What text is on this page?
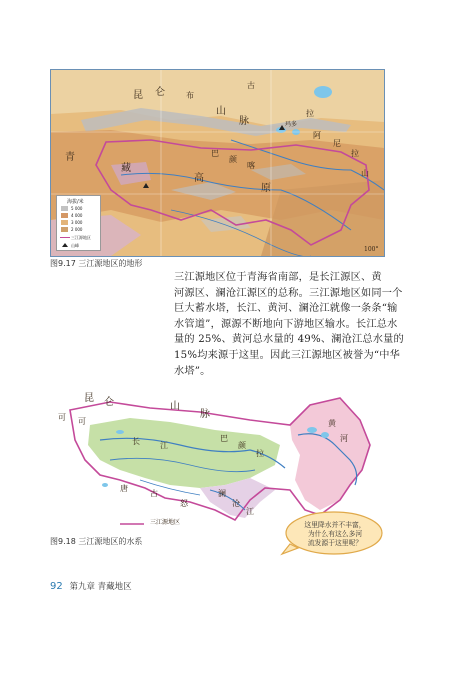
昆 仑
山
脉
青
藏
高
原
古
拉
布
巴
颜
喀
阿
尼
拉
山
玛多
100°
海拔/米
5 000
4 000
3 000
2 000
三江源地区
山峰
图9.17 三江源地区的地形
三江源地区位于青海省南部，是长江源区、黄
河源区、澜沧江源区的总称。三江源地区如同一个
巨大蓄水塔，长江、黄河、澜沧江就像一条条“输
水管道”，源源不断地向下游地区输水。长江总水
量的 25%、黄河总水量的 49%、澜沧江总水量的
15%均来源于这里。因此三江源地区被誉为“中华
水塔”。
昆 仑	山
脉
可 可
长	江
黄
河
巴
颜
拉
澜
沧
江
唐
古
怒
三江源地区
图9.18 三江源地区的水系
这里降水并不丰富，
为什么有这么多河
流发源于这里呢？
92 第九章 青藏地区
